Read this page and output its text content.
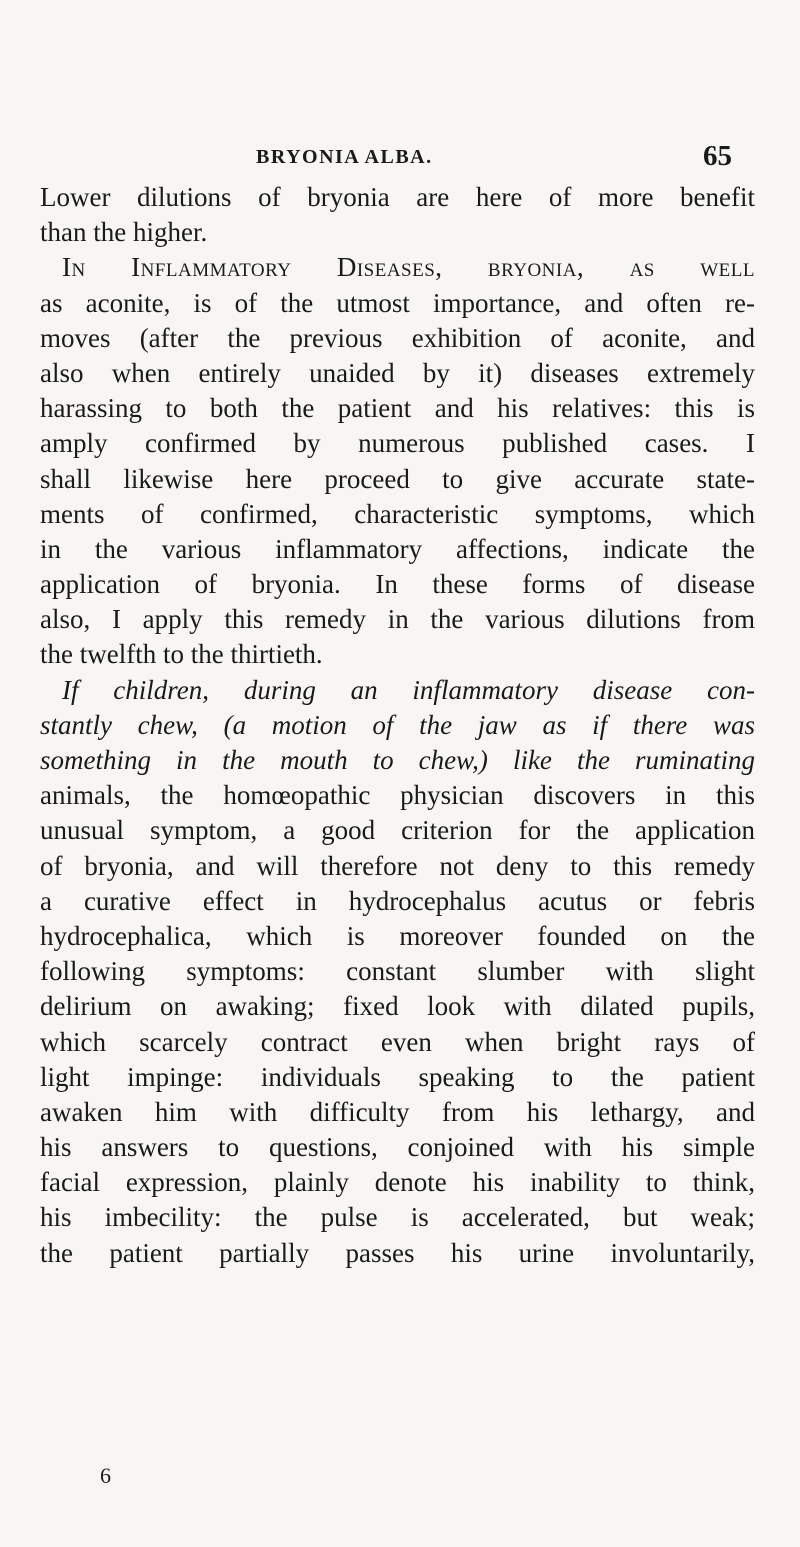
BRYONIA ALBA.	65
Lower dilutions of bryonia are here of more benefit
than the higher.
In Inflammatory Diseases, bryonia, as well
as aconite, is of the utmost importance, and often re-
moves (after the previous exhibition of aconite, and
also when entirely unaided by it) diseases extremely
harassing to both the patient and his relatives: this is
amply confirmed by numerous published cases. I
shall likewise here proceed to give accurate state-
ments of confirmed, characteristic symptoms, which
in the various inflammatory affections, indicate the
application of bryonia. In these forms of disease
also, I apply this remedy in the various dilutions from
the twelfth to the thirtieth.
If children, during an inflammatory disease con-
stantly chew, (a motion of the jaw as if there was
something in the mouth to chew,) like the ruminating
animals, the homœopathic physician discovers in this
unusual symptom, a good criterion for the application
of bryonia, and will therefore not deny to this remedy
a curative effect in hydrocephalus acutus or febris
hydrocephalica, which is moreover founded on the
following symptoms: constant slumber with slight
delirium on awaking; fixed look with dilated pupils,
which scarcely contract even when bright rays of
light impinge: individuals speaking to the patient
awaken him with difficulty from his lethargy, and
his answers to questions, conjoined with his simple
facial expression, plainly denote his inability to think,
his imbecility: the pulse is accelerated, but weak;
the patient partially passes his urine involuntarily,
6
